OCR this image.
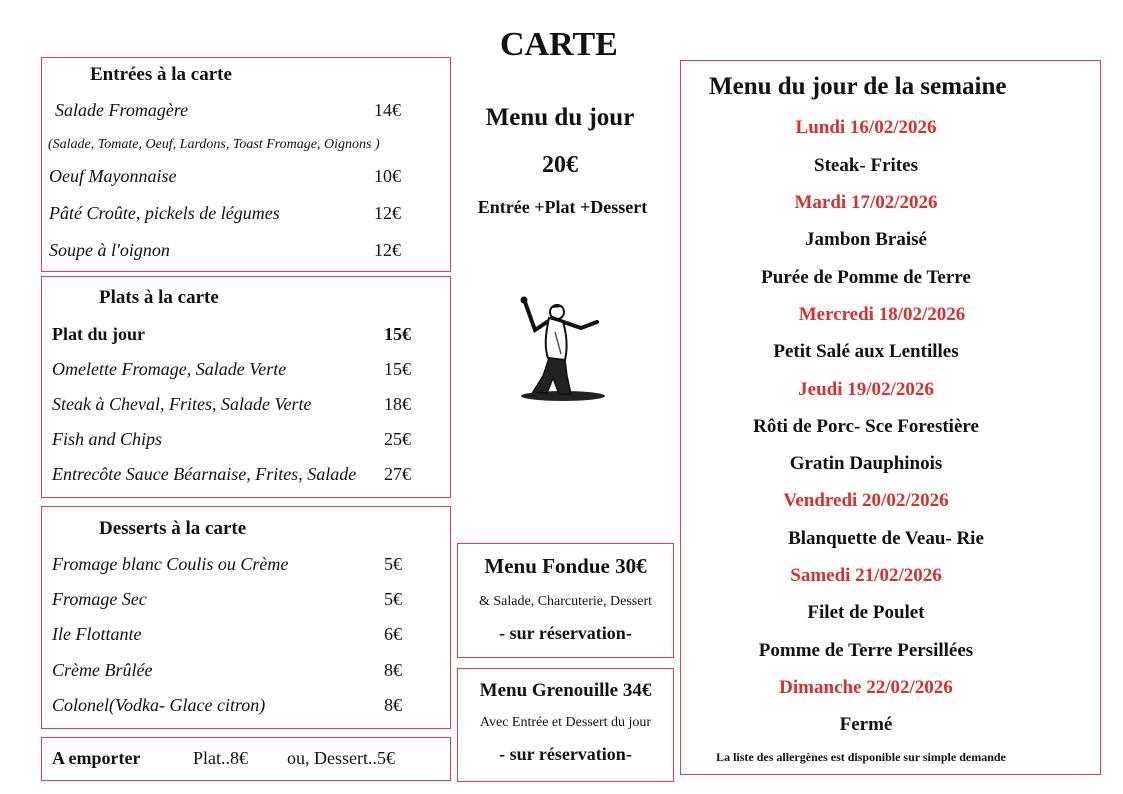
CARTE
Entrées à la carte
Salade Fromagère	14€
(Salade, Tomate, Oeuf, Lardons, Toast Fromage, Oignons )
Oeuf Mayonnaise	10€
Pâté Croûte, pickels de légumes	12€
Soupe à l'oignon	12€
Plats à la carte
Plat du jour	15€
Omelette Fromage, Salade Verte	15€
Steak à Cheval, Frites, Salade Verte	18€
Fish and Chips	25€
Entrecôte Sauce Béarnaise, Frites, Salade 27€
Desserts à la carte
Fromage blanc Coulis ou Crème	5€
Fromage Sec	5€
Ile Flottante	6€
Crème Brûlée	8€
Colonel(Vodka- Glace citron)	8€
A emporter	Plat..8€ ou, Dessert..5€
Menu du jour
20€
Entrée +Plat +Dessert
Menu Fondue 30€
& Salade, Charcuterie, Dessert
- sur réservation-
Menu Grenouille 34€
Avec Entrée et Dessert du jour
- sur réservation-
Menu du jour de la semaine
Lundi 16/02/2026
Steak- Frites
Mardi 17/02/2026
Jambon Braisé
Purée de Pomme de Terre
Mercredi 18/02/2026
Petit Salé aux Lentilles
Jeudi 19/02/2026
Rôti de Porc- Sce Forestière
Gratin Dauphinois
Vendredi 20/02/2026
Blanquette de Veau- Rie
Samedi 21/02/2026
Filet de Poulet
Pomme de Terre Persillées
Dimanche 22/02/2026
Fermé
La liste des allergènes est disponible sur simple demande
